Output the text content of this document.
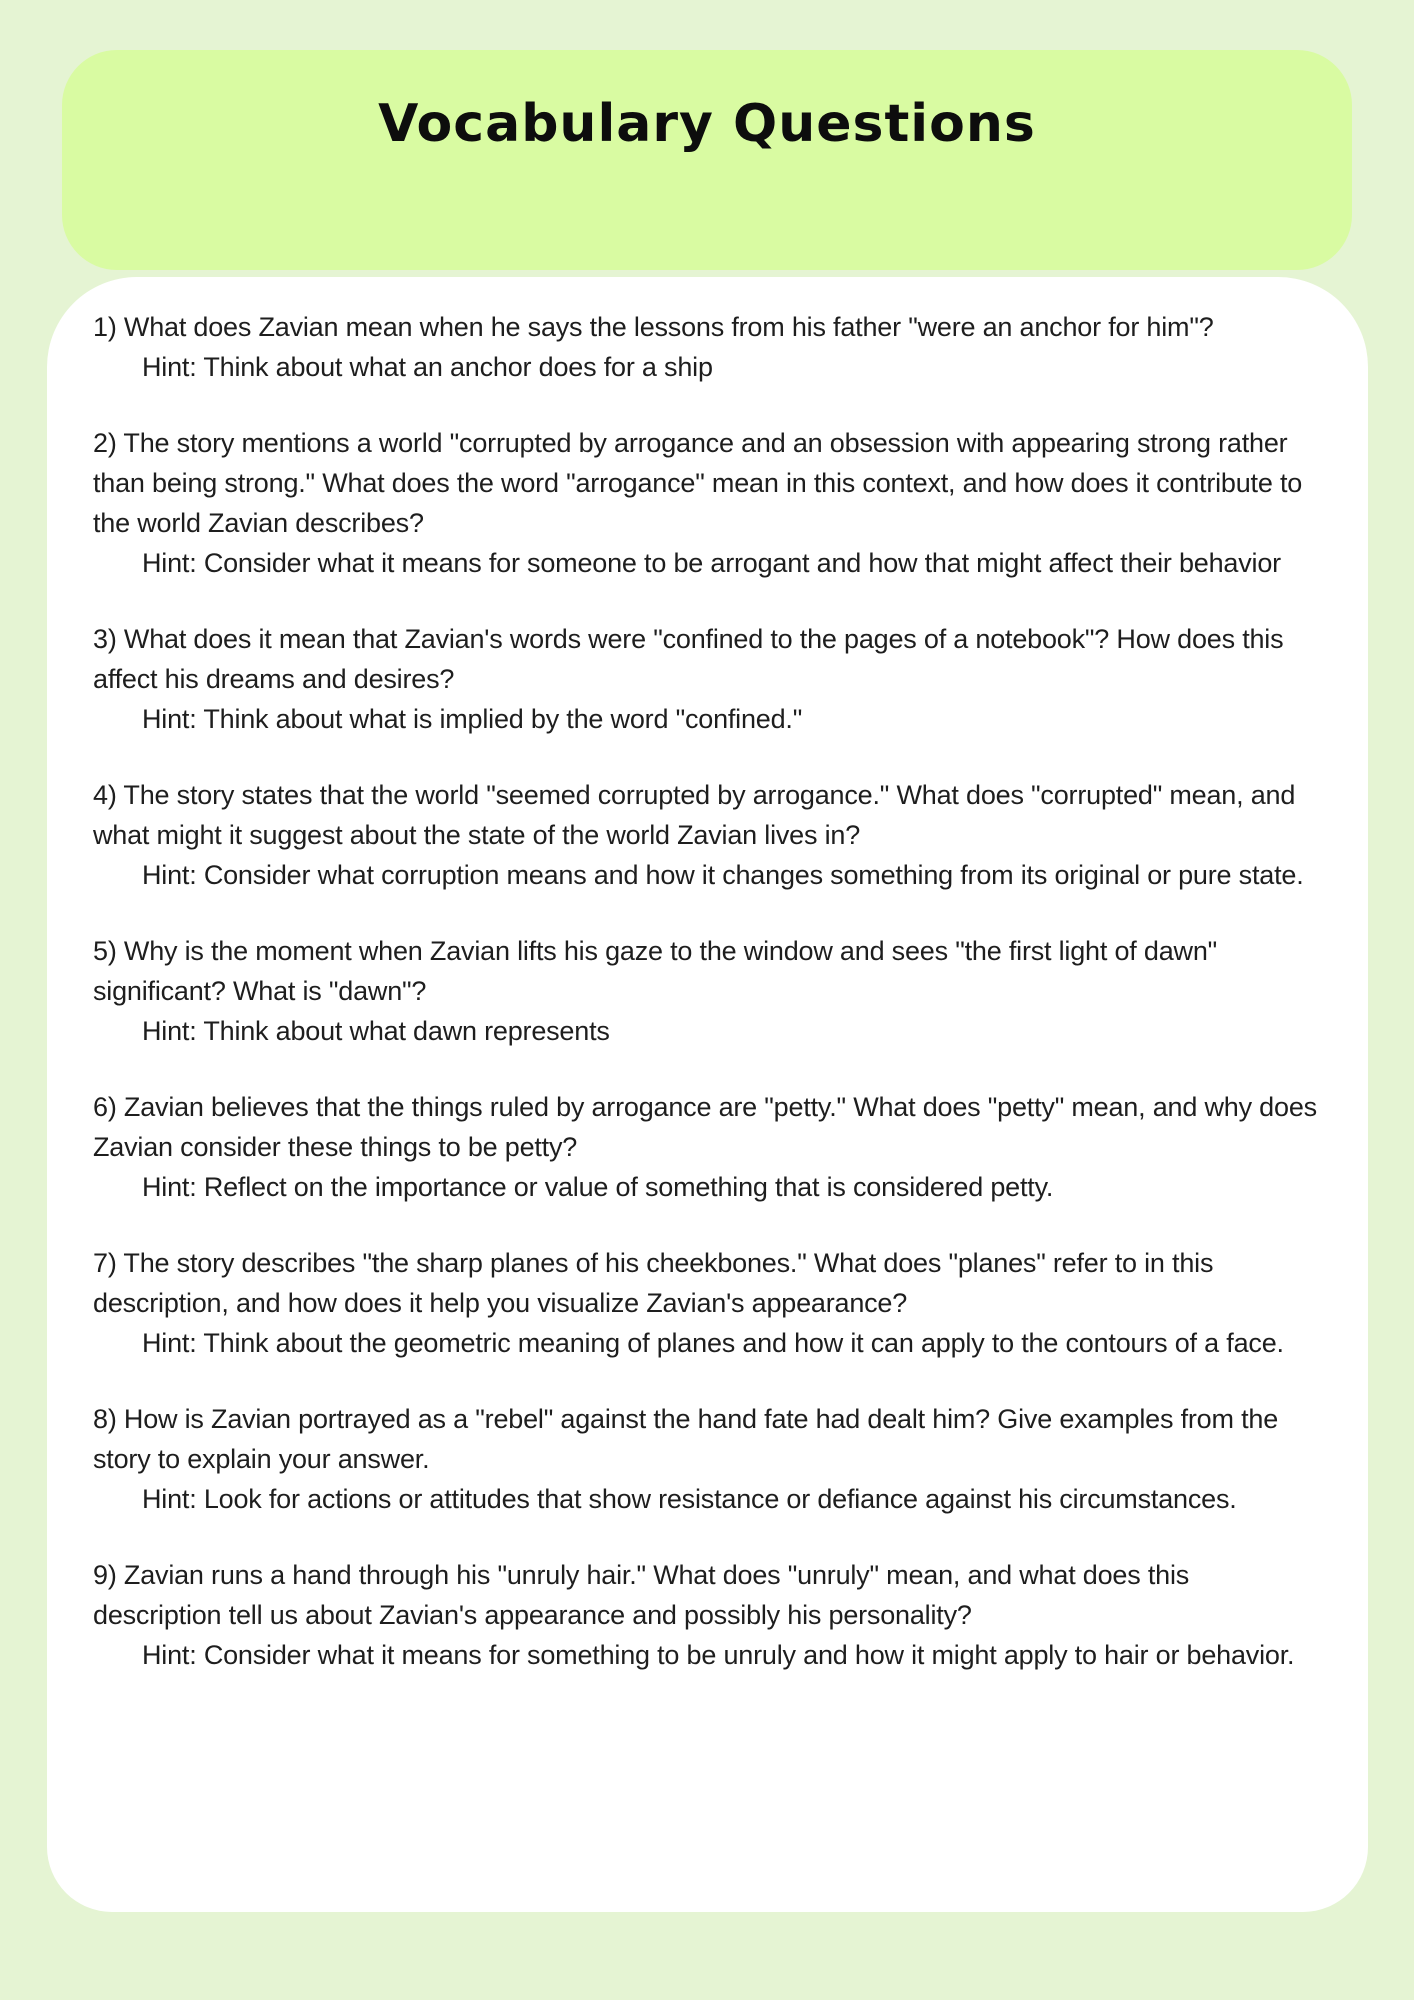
Vocabulary Questions

1) What does Zavian mean when he says the lessons from his father "were an anchor for him"?

Hint: Think about what an anchor does for a ship

2) The story mentions a world "corrupted by arrogance and an obsession with appearing strong rather than being strong." What does the word "arrogance" mean in this context, and how does it contribute to the world Zavian describes?

Hint: Consider what it means for someone to be arrogant and how that might affect their behavior

3) What does it mean that Zavian's words were "confined to the pages of a notebook"? How does this affect his dreams and desires?

Hint: Think about what is implied by the word "confined."

4) The story states that the world "seemed corrupted by arrogance." What does "corrupted" mean, and what might it suggest about the state of the world Zavian lives in?

Hint: Consider what corruption means and how it changes something from its original or pure state.

5) Why is the moment when Zavian lifts his gaze to the window and sees "the first light of dawn" significant? What is "dawn"?

Hint: Think about what dawn represents

6) Zavian believes that the things ruled by arrogance are "petty." What does "petty" mean, and why does Zavian consider these things to be petty?

Hint: Reflect on the importance or value of something that is considered petty.

7) The story describes "the sharp planes of his cheekbones." What does "planes" refer to in this description, and how does it help you visualize Zavian's appearance?

Hint: Think about the geometric meaning of planes and how it can apply to the contours of a face.

8) How is Zavian portrayed as a "rebel" against the hand fate had dealt him? Give examples from the story to explain your answer.

Hint: Look for actions or attitudes that show resistance or defiance against his circumstances.

9) Zavian runs a hand through his "unruly hair." What does "unruly" mean, and what does this description tell us about Zavian's appearance and possibly his personality?

Hint: Consider what it means for something to be unruly and how it might apply to hair or behavior.
